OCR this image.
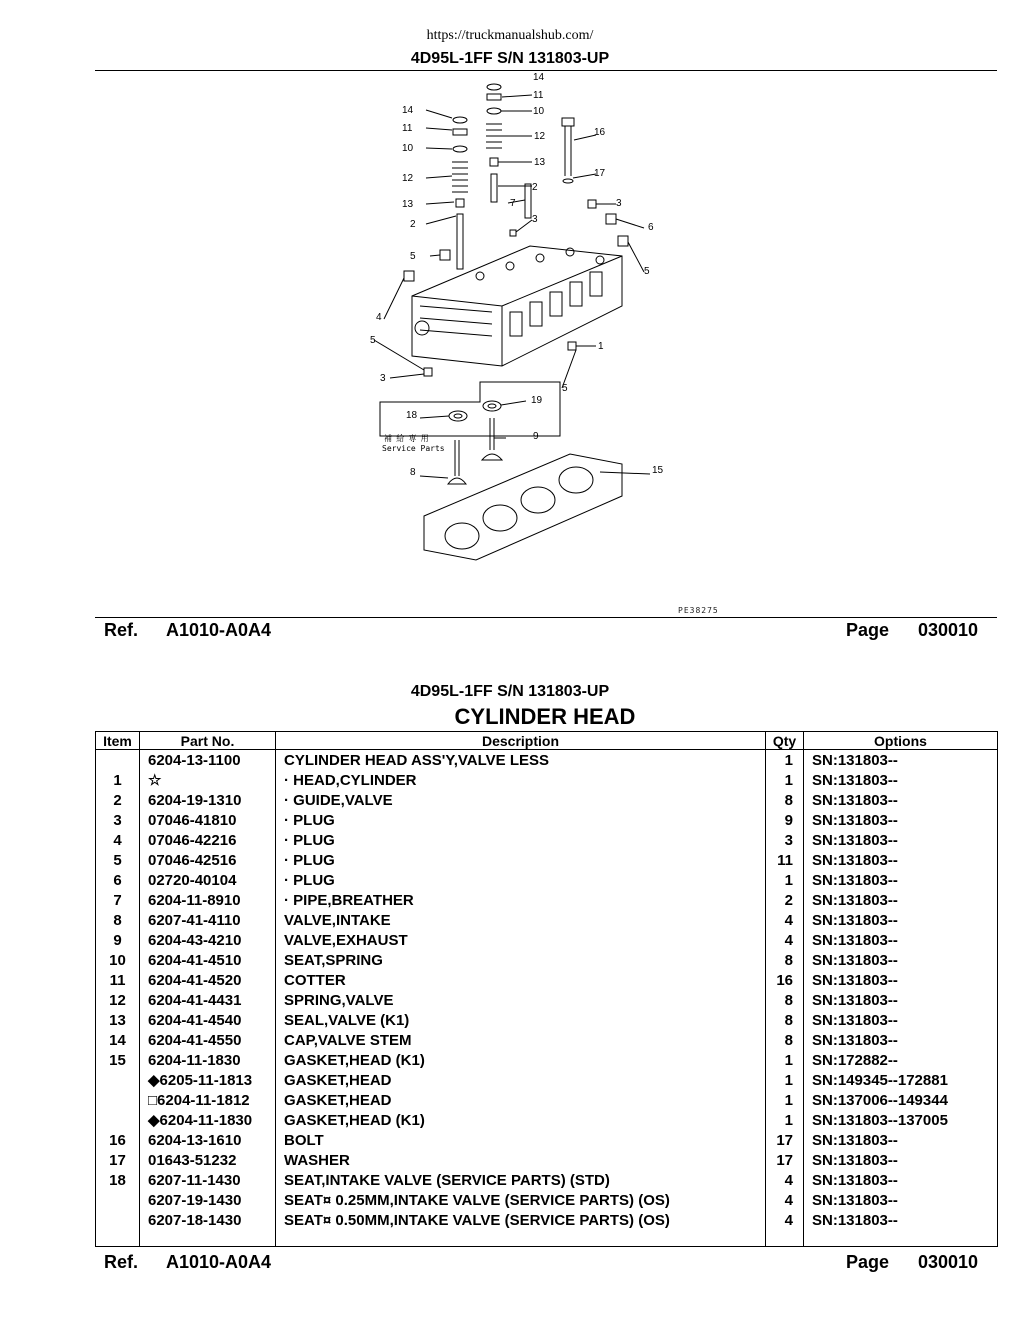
https://truckmanualshub.com/
4D95L-1FF S/N 131803-UP
14
11
10
14
11
10
12
13
2
12
13
2
7
3
16
17
3
6
5
5
4
5
1
3
5
19
18
9
8	15
補 給 専 用
Service Parts
PE38275
Ref. A1010-A0A4	Page 030010
4D95L-1FF S/N 131803-UP
CYLINDER HEAD
Item	Part No.	Description	Qty	Options
	6204-13-1100	CYLINDER HEAD ASS'Y,VALVE LESS	1	SN:131803--
1	☆	· HEAD,CYLINDER	1	SN:131803--
2	6204-19-1310	· GUIDE,VALVE	8	SN:131803--
3	07046-41810	· PLUG	9	SN:131803--
4	07046-42216	· PLUG	3	SN:131803--
5	07046-42516	· PLUG	11	SN:131803--
6	02720-40104	· PLUG	1	SN:131803--
7	6204-11-8910	· PIPE,BREATHER	2	SN:131803--
8	6207-41-4110	VALVE,INTAKE	4	SN:131803--
9	6204-43-4210	VALVE,EXHAUST	4	SN:131803--
10	6204-41-4510	SEAT,SPRING	8	SN:131803--
11	6204-41-4520	COTTER	16	SN:131803--
12	6204-41-4431	SPRING,VALVE	8	SN:131803--
13	6204-41-4540	SEAL,VALVE (K1)	8	SN:131803--
14	6204-41-4550	CAP,VALVE STEM	8	SN:131803--
15	6204-11-1830	GASKET,HEAD (K1)	1	SN:172882--
	◆6205-11-1813	GASKET,HEAD	1	SN:149345--172881
	□6204-11-1812	GASKET,HEAD	1	SN:137006--149344
	◆6204-11-1830	GASKET,HEAD (K1)	1	SN:131803--137005
16	6204-13-1610	BOLT	17	SN:131803--
17	01643-51232	WASHER	17	SN:131803--
18	6207-11-1430	SEAT,INTAKE VALVE (SERVICE PARTS) (STD)	4	SN:131803--
	6207-19-1430	SEAT¤ 0.25MM,INTAKE VALVE (SERVICE PARTS) (OS)	4	SN:131803--
	6207-18-1430	SEAT¤ 0.50MM,INTAKE VALVE (SERVICE PARTS) (OS)	4	SN:131803--

Ref. A1010-A0A4	Page 030010
